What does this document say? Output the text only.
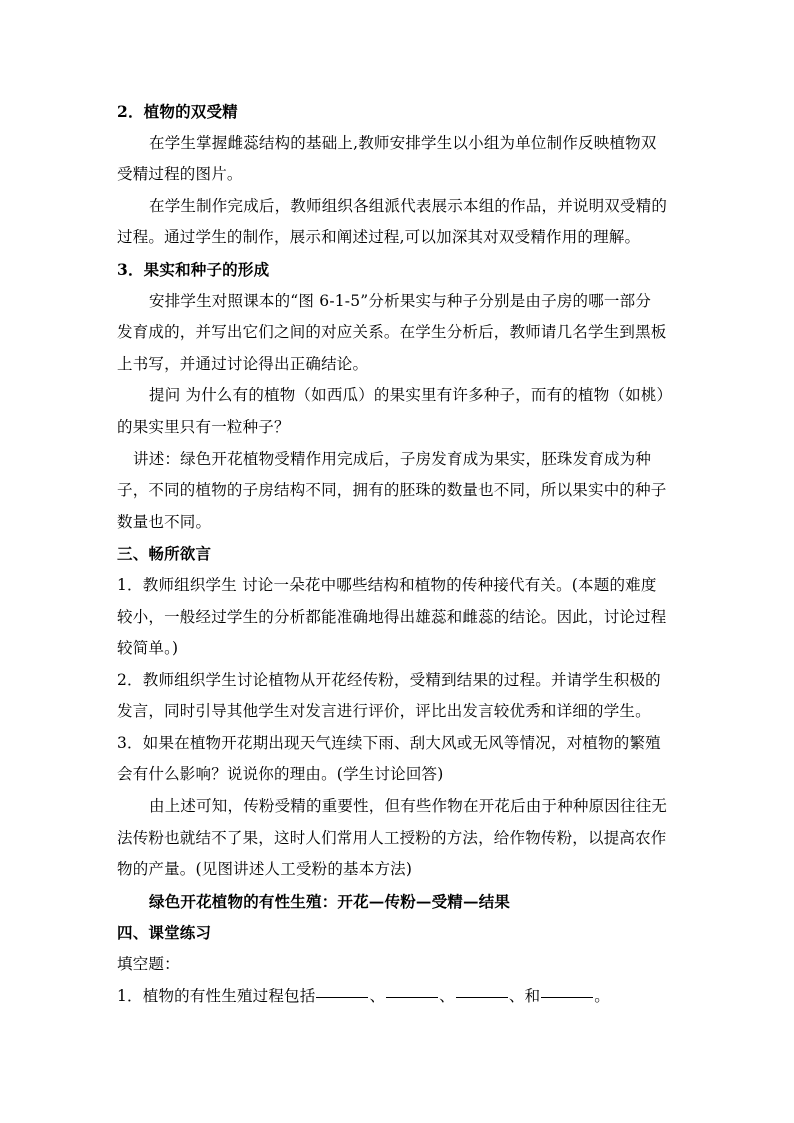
2．植物的双受精
在学生掌握雌蕊结构的基础上,教师安排学生以小组为单位制作反映植物双
受精过程的图片。
在学生制作完成后，教师组织各组派代表展示本组的作品，并说明双受精的
过程。通过学生的制作，展示和阐述过程,可以加深其对双受精作用的理解。
3．果实和种子的形成
安排学生对照课本的“图 6-1-5”分析果实与种子分别是由子房的哪一部分
发育成的，并写出它们之间的对应关系。在学生分析后，教师请几名学生到黑板
上书写，并通过讨论得出正确结论。
提问 为什么有的植物（如西瓜）的果实里有许多种子，而有的植物（如桃）
的果实里只有一粒种子？
讲述：绿色开花植物受精作用完成后，子房发育成为果实，胚珠发育成为种
子，不同的植物的子房结构不同，拥有的胚珠的数量也不同，所以果实中的种子
数量也不同。
三、畅所欲言
1．教师组织学生 讨论一朵花中哪些结构和植物的传种接代有关。(本题的难度
较小，一般经过学生的分析都能准确地得出雄蕊和雌蕊的结论。因此，讨论过程
较简单。)
2．教师组织学生讨论植物从开花经传粉，受精到结果的过程。并请学生积极的
发言，同时引导其他学生对发言进行评价，评比出发言较优秀和详细的学生。
3．如果在植物开花期出现天气连续下雨、刮大风或无风等情况，对植物的繁殖
会有什么影响？说说你的理由。(学生讨论回答)
由上述可知，传粉受精的重要性，但有些作物在开花后由于种种原因往往无
法传粉也就结不了果，这时人们常用人工授粉的方法，给作物传粉，以提高农作
物的产量。(见图讲述人工受粉的基本方法)
绿色开花植物的有性生殖：开花—传粉—受精—结果
四、课堂练习
填空题：
1．植物的有性生殖过程包括	、	、	、和	。
